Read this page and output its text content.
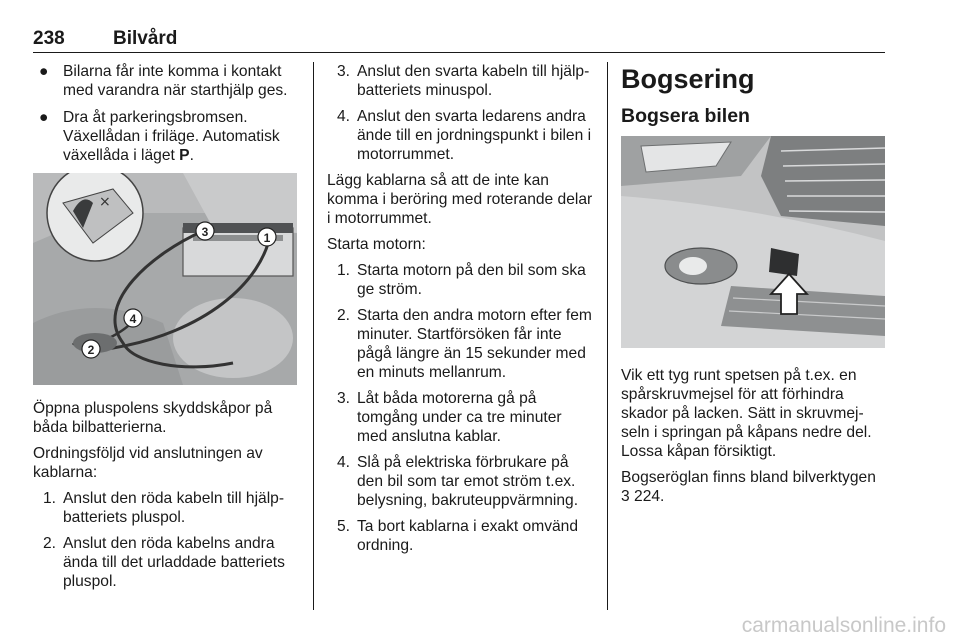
238	Bilvård
● Bilarna får inte komma i kontakt med varandra när starthjälp ges.
● Dra åt parkeringsbromsen. Växellådan i friläge. Automatisk växellåda i läget P.
×
1
2
3
4

Öppna pluspolens skyddskåpor på båda bilbatterierna.

Ordningsföljd vid anslutningen av kablarna:

1. Anslut den röda kabeln till hjälp-batteriets pluspol.
2. Anslut den röda kabelns andra ända till det urladdade batteriets pluspol.
3. Anslut den svarta kabeln till hjälp-batteriets minuspol.
4. Anslut den svarta ledarens andra ände till en jordningspunkt i bilen i motorrummet.

Lägg kablarna så att de inte kan komma i beröring med roterande delar i motorrummet.

Starta motorn:

1. Starta motorn på den bil som ska ge ström.
2. Starta den andra motorn efter fem minuter. Startförsöken får inte pågå längre än 15 sekunder med en minuts mellanrum.
3. Låt båda motorerna gå på tomgång under ca tre minuter med anslutna kablar.
4. Slå på elektriska förbrukare på den bil som tar emot ström t.ex. belysning, bakruteuppvärmning.
5. Ta bort kablarna i exakt omvänd ordning.
Bogsering
Bogsera bilen

Vik ett tyg runt spetsen på t.ex. en spårskruvmejsel för att förhindra skador på lacken. Sätt in skruvmej-seln i springan på kåpans nedre del. Lossa kåpan försiktigt.

Bogseröglan finns bland bilverktygen
3 224.

carmanualsonline.info
